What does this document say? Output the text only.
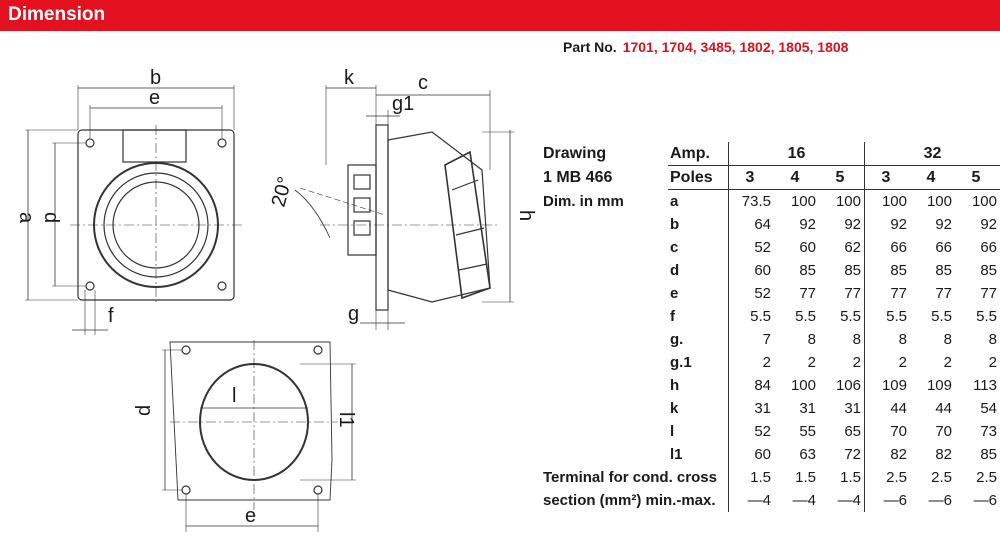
Dimension
Part No. 1701, 1704, 3485, 1802, 1805, 1808
b
e
a d
f
k	c
g1
20°
g
h
d
l
l1
e
Drawing	Amp.	16			32		
1 MB 466	Poles	3	4	5	3	4	5
Dim. in mm	a	73.5	100	100	100	100	100
	b	64	92	92	92	92	92
	c	52	60	62	66	66	66
	d	60	85	85	85	85	85
	e	52	77	77	77	77	77
	f	5.5	5.5	5.5	5.5	5.5	5.5
	g.	7	8	8	8	8	8
	g.1	2	2	2	2	2	2
	h	84	100	106	109	109	113
	k	31	31	31	44	44	54
	l	52	55	65	70	70	73
	l1	60	63	72	82	82	85
Terminal for cond. cross		1.5	1.5	1.5	2.5	2.5	2.5
section (mm²) min.-max.		—4	—4	—4	—6	—6	—6
